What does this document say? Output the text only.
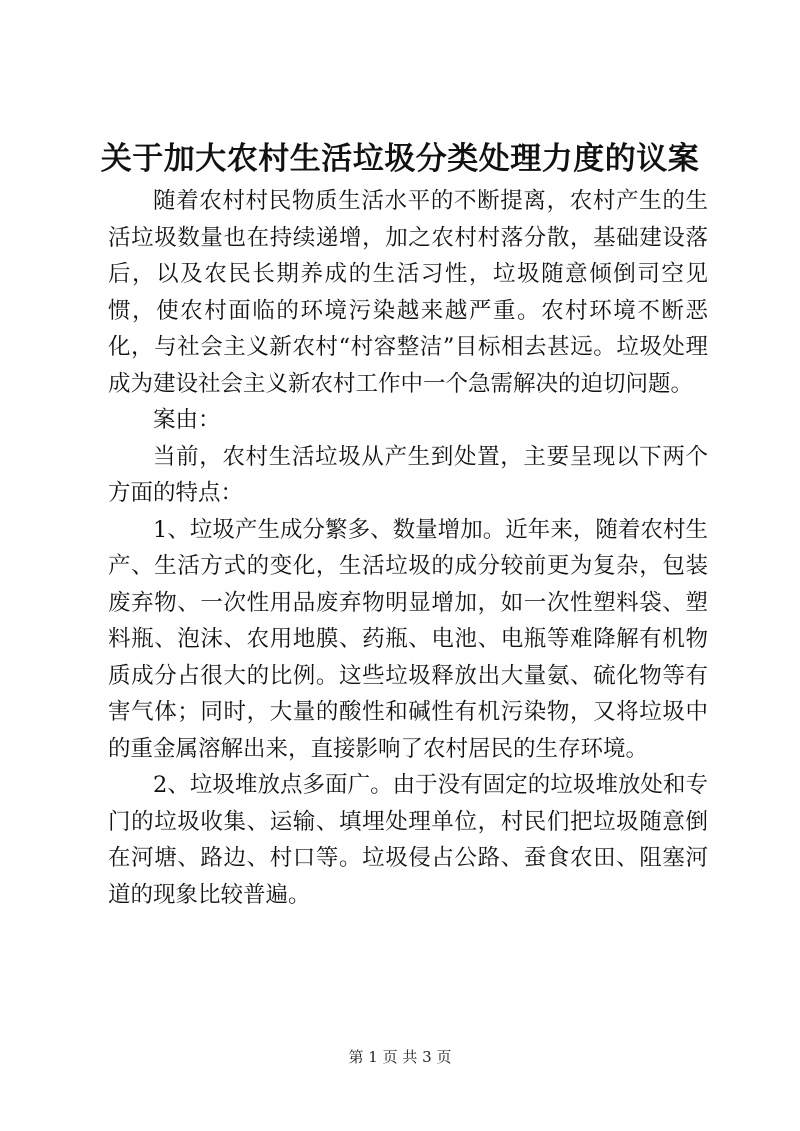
关于加大农村生活垃圾分类处理力度的议案

随着农村村民物质生活水平的不断提离，农村产生的生活垃圾数量也在持续递增，加之农村村落分散，基础建设落后，以及农民长期养成的生活习性，垃圾随意倾倒司空见惯，使农村面临的环境污染越来越严重。农村环境不断恶化，与社会主义新农村“村容整洁”目标相去甚远。垃圾处理成为建设社会主义新农村工作中一个急需解决的迫切问题。

案由：

当前，农村生活垃圾从产生到处置，主要呈现以下两个方面的特点：

1、垃圾产生成分繁多、数量增加。近年来，随着农村生产、生活方式的变化，生活垃圾的成分较前更为复杂，包装废弃物、一次性用品废弃物明显增加，如一次性塑料袋、塑料瓶、泡沫、农用地膜、药瓶、电池、电瓶等难降解有机物质成分占很大的比例。这些垃圾释放出大量氨、硫化物等有害气体；同时，大量的酸性和碱性有机污染物，又将垃圾中的重金属溶解出来，直接影响了农村居民的生存环境。

2、垃圾堆放点多面广。由于没有固定的垃圾堆放处和专门的垃圾收集、运输、填埋处理单位，村民们把垃圾随意倒在河塘、路边、村口等。垃圾侵占公路、蚕食农田、阻塞河道的现象比较普遍。

第 1 页 共 3 页
